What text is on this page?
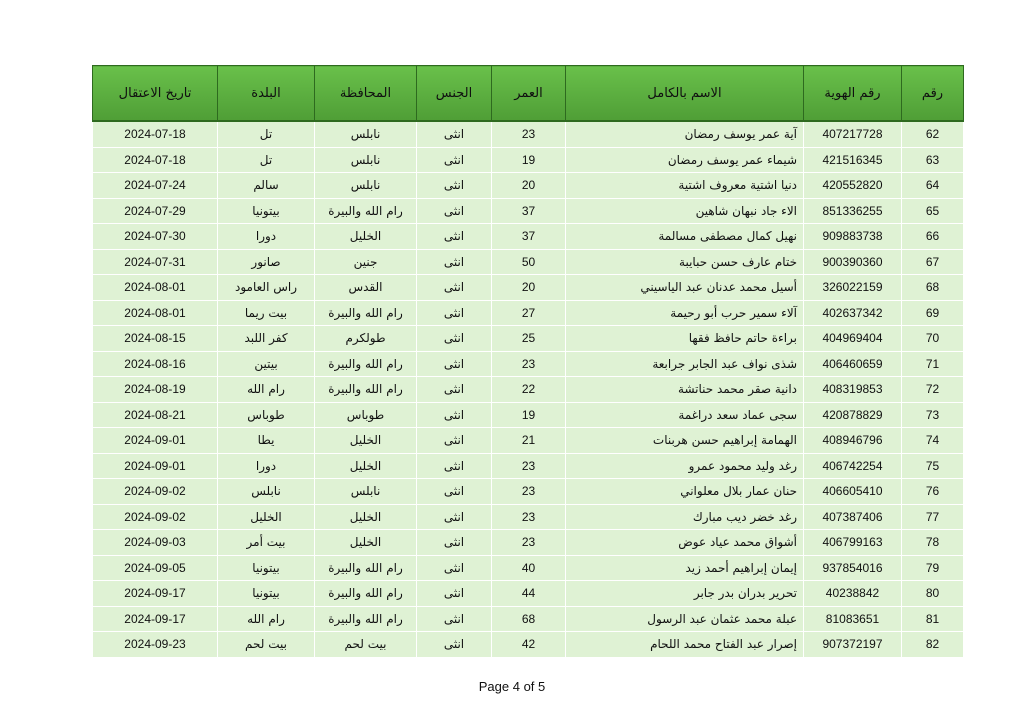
رقم	رقم الهوية	الاسم بالكامل	العمر	الجنس	المحافظة	البلدة	تاريخ الاعتقال
62	407217728	آية عمر يوسف رمضان	23	انثى	نابلس	تل	2024-07-18
63	421516345	شيماء عمر يوسف رمضان	19	انثى	نابلس	تل	2024-07-18
64	420552820	دنيا اشتية معروف اشتية	20	انثى	نابلس	سالم	2024-07-24
65	851336255	الاء جاد نبهان شاهين	37	انثى	رام الله والبيرة	بيتونيا	2024-07-29
66	909883738	نهيل كمال مصطفى مسالمة	37	انثى	الخليل	دورا	2024-07-30
67	900390360	ختام عارف حسن حبايبة	50	انثى	جنين	صانور	2024-07-31
68	326022159	أسيل محمد عدنان عبد الياسيني	20	انثى	القدس	راس العامود	2024-08-01
69	402637342	آلاء سمير حرب أبو رحيمة	27	انثى	رام الله والبيرة	بيت ريما	2024-08-01
70	404969404	براءة حاتم حافظ فقها	25	انثى	طولكرم	كفر اللبد	2024-08-15
71	406460659	شذى نواف عبد الجابر جرابعة	23	انثى	رام الله والبيرة	بيتين	2024-08-16
72	408319853	دانية صقر محمد حناتشة	22	انثى	رام الله والبيرة	رام الله	2024-08-19
73	420878829	سجى عماد سعد دراغمة	19	انثى	طوباس	طوباس	2024-08-21
74	408946796	الهمامة إبراهيم حسن هربنات	21	انثى	الخليل	يطا	2024-09-01
75	406742254	رغد وليد محمود عمرو	23	انثى	الخليل	دورا	2024-09-01
76	406605410	حنان عمار بلال معلواني	23	انثى	نابلس	نابلس	2024-09-02
77	407387406	رغد خضر ديب مبارك	23	انثى	الخليل	الخليل	2024-09-02
78	406799163	أشواق محمد عياد عوض	23	انثى	الخليل	بيت أمر	2024-09-03
79	937854016	إيمان إبراهيم أحمد زيد	40	انثى	رام الله والبيرة	بيتونيا	2024-09-05
80	40238842	تحرير بدران بدر جابر	44	انثى	رام الله والبيرة	بيتونيا	2024-09-17
81	81083651	عبلة محمد عثمان عبد الرسول	68	انثى	رام الله والبيرة	رام الله	2024-09-17
82	907372197	إصرار عبد الفتاح محمد اللحام	42	انثى	بيت لحم	بيت لحم	2024-09-23
Page 4 of 5
